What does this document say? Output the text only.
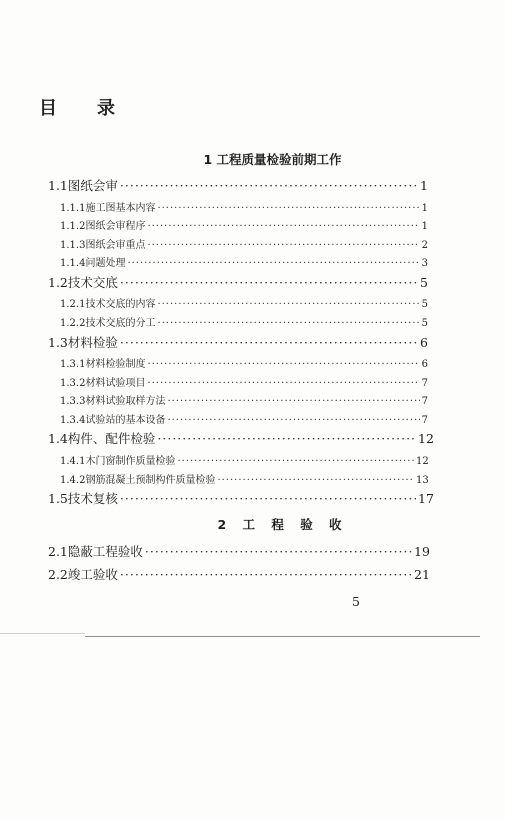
目 录
1 工程质量检验前期工作
1.1 图纸会审 ·····	1
1.1.1 施工图基本内容 ·····	1
1.1.2 图纸会审程序 ·····	1
1.1.3 图纸会审重点 ·····	2
1.1.4 问题处理 ·····	3
1.2 技术交底 ·····	5
1.2.1 技术交底的内容 ·····	5
1.2.2 技术交底的分工 ·····	5
1.3 材料检验 ·····	6
1.3.1 材料检验制度 ·····	6
1.3.2 材料试验项目 ·····	7
1.3.3 材料试验取样方法 ·····	7
1.3.4 试验站的基本设备 ·····	7
1.4 构件、配件检验 ·····	12
1.4.1 木门窗制作质量检验 ·····	12
1.4.2 钢筋混凝土预制构件质量检验 ·····	13
1.5 技术复核 ·····	17
2 工 程 验 收
2.1 隐蔽工程验收 ·····	19
2.2 竣工验收 ·····	21
5
